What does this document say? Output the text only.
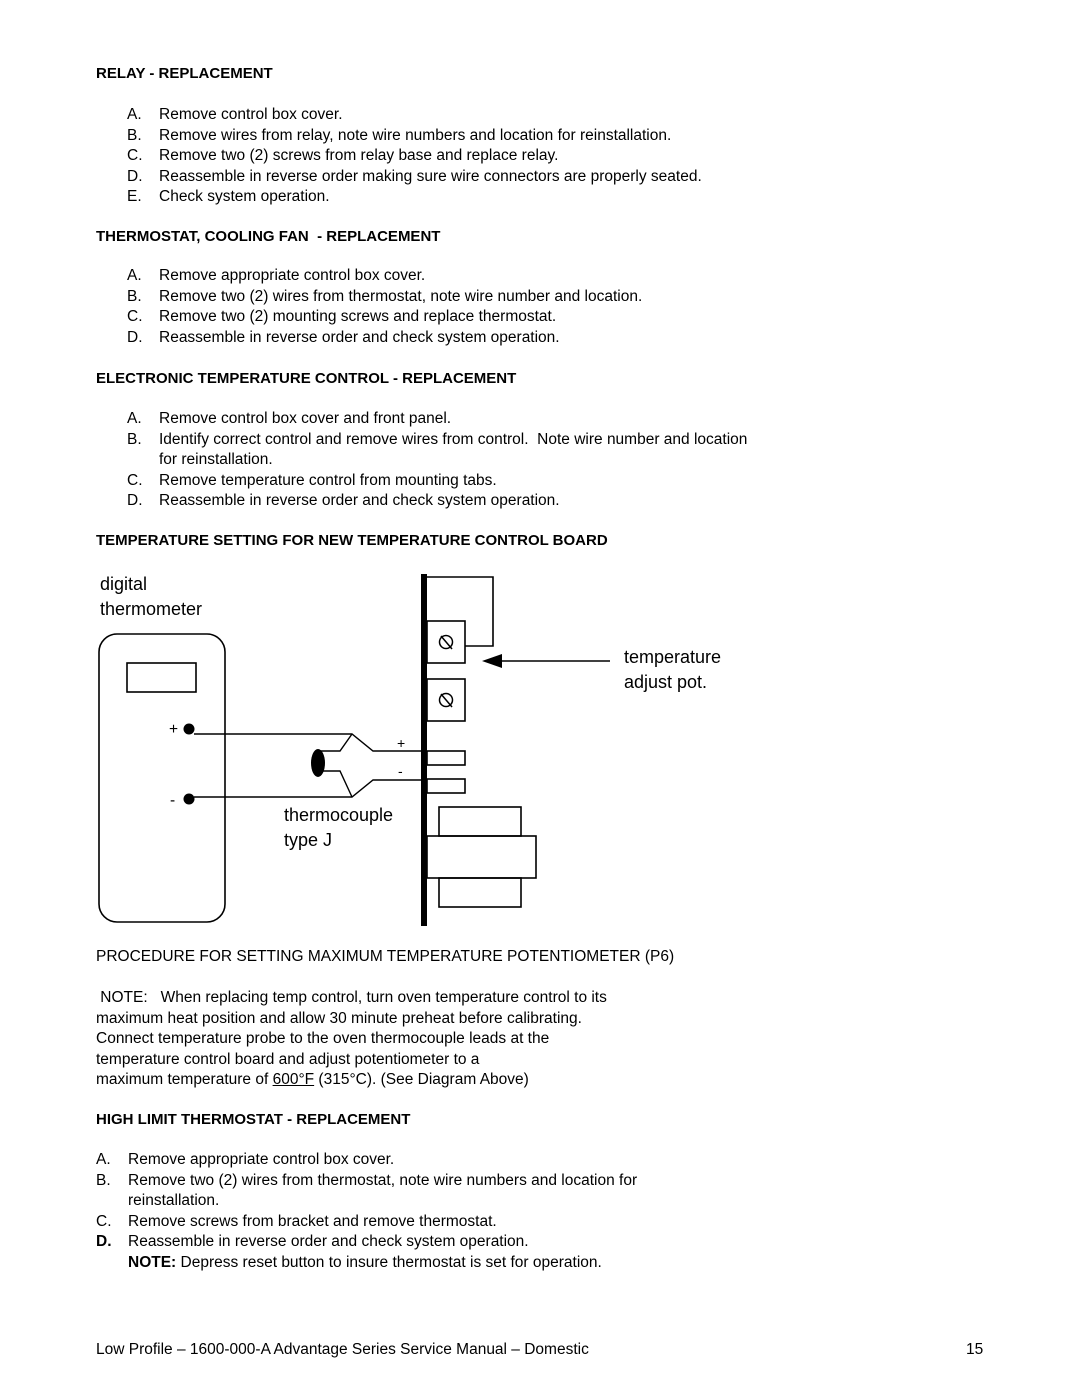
RELAY - REPLACEMENT
A. Remove control box cover.
B. Remove wires from relay, note wire numbers and location for reinstallation.
C. Remove two (2) screws from relay base and replace relay.
D. Reassemble in reverse order making sure wire connectors are properly seated.
E. Check system operation.
THERMOSTAT, COOLING FAN  - REPLACEMENT
A. Remove appropriate control box cover.
B. Remove two (2) wires from thermostat, note wire number and location.
C. Remove two (2) mounting screws and replace thermostat.
D. Reassemble in reverse order and check system operation.
ELECTRONIC TEMPERATURE CONTROL - REPLACEMENT
A. Remove control box cover and front panel.
B. Identify correct control and remove wires from control.  Note wire number and location
for reinstallation.
C. Remove temperature control from mounting tabs.
D. Reassemble in reverse order and check system operation.
TEMPERATURE SETTING FOR NEW TEMPERATURE CONTROL BOARD
digital
thermometer
temperature
adjust pot.
thermocouple
type J
+
-
+
-
PROCEDURE FOR SETTING MAXIMUM TEMPERATURE POTENTIOMETER (P6)
NOTE:   When replacing temp control, turn oven temperature control to its
maximum heat position and allow 30 minute preheat before calibrating.
Connect temperature probe to the oven thermocouple leads at the
temperature control board and adjust potentiometer to a
maximum temperature of 600°F (315°C). (See Diagram Above)
HIGH LIMIT THERMOSTAT - REPLACEMENT
A. Remove appropriate control box cover.
B. Remove two (2) wires from thermostat, note wire numbers and location for
reinstallation.
C. Remove screws from bracket and remove thermostat.
D. Reassemble in reverse order and check system operation.
NOTE: Depress reset button to insure thermostat is set for operation.
Low Profile – 1600-000-A Advantage Series Service Manual – Domestic	15
